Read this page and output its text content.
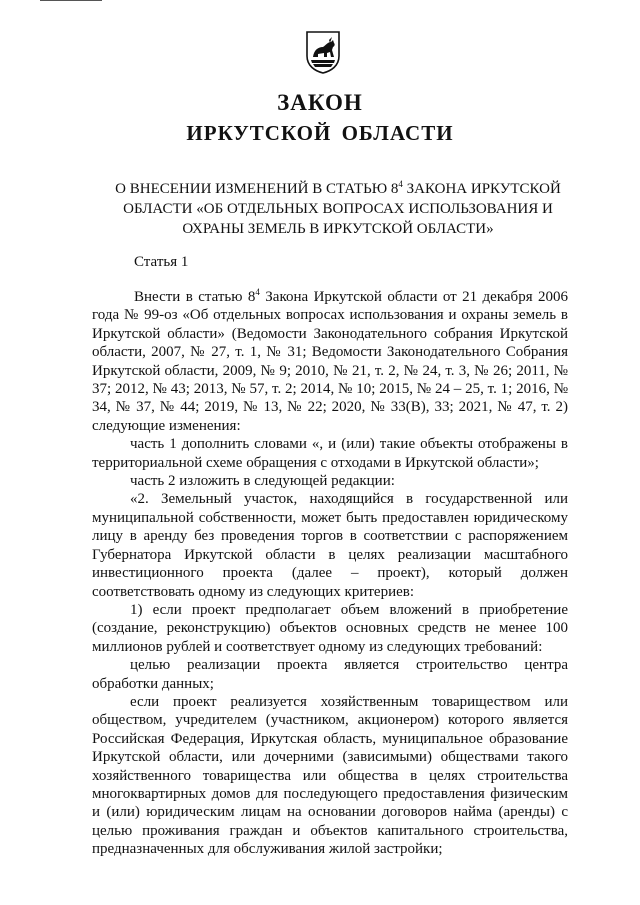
ЗАКОН
ИРКУТСКОЙ ОБЛАСТИ
О ВНЕСЕНИИ ИЗМЕНЕНИЙ В СТАТЬЮ $8^4$ ЗАКОНА ИРКУТСКОЙ
ОБЛАСТИ «ОБ ОТДЕЛЬНЫХ ВОПРОСАХ ИСПОЛЬЗОВАНИЯ И
ОХРАНЫ ЗЕМЕЛЬ В ИРКУТСКОЙ ОБЛАСТИ»
Статья 1

Внести в статью $8^4$ Закона Иркутской области от 21 декабря 2006 года № 99-оз «Об отдельных вопросах использования и охраны земель в Иркутской области» (Ведомости Законодательного собрания Иркутской области, 2007, № 27, т. 1, № 31; Ведомости Законодательного Собрания Иркутской области, 2009, № 9; 2010, № 21, т. 2, № 24, т. 3, № 26; 2011, № 37; 2012, № 43; 2013, № 57, т. 2; 2014, № 10; 2015, № 24 – 25, т. 1; 2016, № 34, № 37, № 44; 2019, № 13, № 22; 2020, № 33(В), 33; 2021, № 47, т. 2) следующие изменения:

часть 1 дополнить словами «, и (или) такие объекты отображены в территориальной схеме обращения с отходами в Иркутской области»;

часть 2 изложить в следующей редакции:

«2. Земельный участок, находящийся в государственной или муниципальной собственности, может быть предоставлен юридическому лицу в аренду без проведения торгов в соответствии с распоряжением Губернатора Иркутской области в целях реализации масштабного инвестиционного проекта (далее – проект), который должен соответствовать одному из следующих критериев:

1) если проект предполагает объем вложений в приобретение (создание, реконструкцию) объектов основных средств не менее 100 миллионов рублей и соответствует одному из следующих требований:

целью реализации проекта является строительство центра обработки данных;

если проект реализуется хозяйственным товариществом или обществом, учредителем (участником, акционером) которого является Российская Федерация, Иркутская область, муниципальное образование Иркутской области, или дочерними (зависимыми) обществами такого хозяйственного товарищества или общества в целях строительства многоквартирных домов для последующего предоставления физическим и (или) юридическим лицам на основании договоров найма (аренды) с целью проживания граждан и объектов капитального строительства, предназначенных для обслуживания жилой застройки;
